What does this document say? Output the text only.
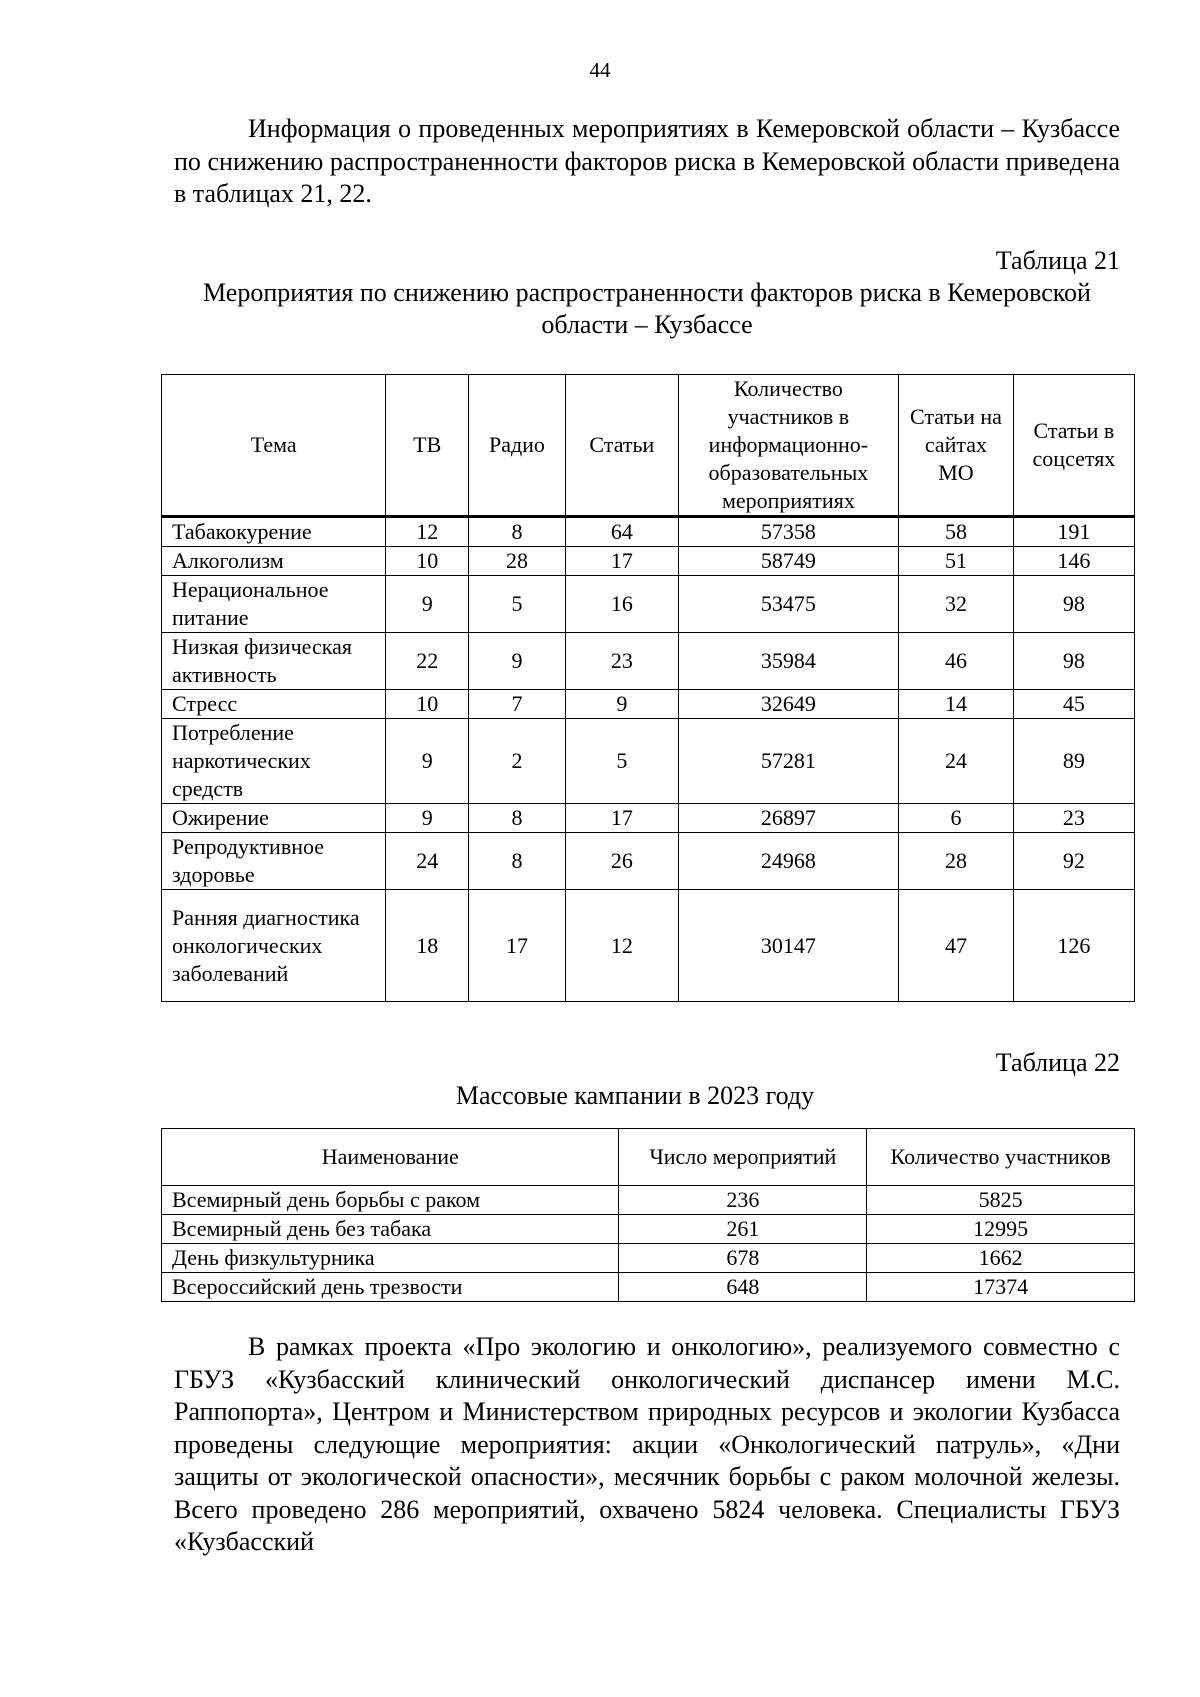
44

Информация о проведенных мероприятиях в Кемеровской области – Кузбассе по снижению распространенности факторов риска в Кемеровской области приведена в таблицах 21, 22.

Таблица 21
Мероприятия по снижению распространенности факторов риска в Кемеровской области – Кузбассе
Тема	ТВ	Радио	Статьи	Количество участников в информационно-образовательных мероприятиях	Статьи на сайтах МО	Статьи в соцсетях
Табакокурение	12	8	64	57358	58	191
Алкоголизм	10	28	17	58749	51	146
Нерациональное питание	9	5	16	53475	32	98
Низкая физическая активность	22	9	23	35984	46	98
Стресс	10	7	9	32649	14	45
Потребление наркотических средств	9	2	5	57281	24	89
Ожирение	9	8	17	26897	6	23
Репродуктивное здоровье	24	8	26	24968	28	92
Ранняя диагностика онкологических заболеваний	18	17	12	30147	47	126
Таблица 22
Массовые кампании в 2023 году
Наименование	Число мероприятий	Количество участников
Всемирный день борьбы с раком	236	5825
Всемирный день без табака	261	12995
День физкультурника	678	1662
Всероссийский день трезвости	648	17374

В рамках проекта «Про экологию и онкологию», реализуемого совместно с ГБУЗ «Кузбасский клинический онкологический диспансер имени М.С. Раппопорта», Центром и Министерством природных ресурсов и экологии Кузбасса проведены следующие мероприятия: акции «Онкологический патруль», «Дни защиты от экологической опасности», месячник борьбы с раком молочной железы. Всего проведено 286 мероприятий, охвачено 5824 человека. Специалисты ГБУЗ «Кузбасский
